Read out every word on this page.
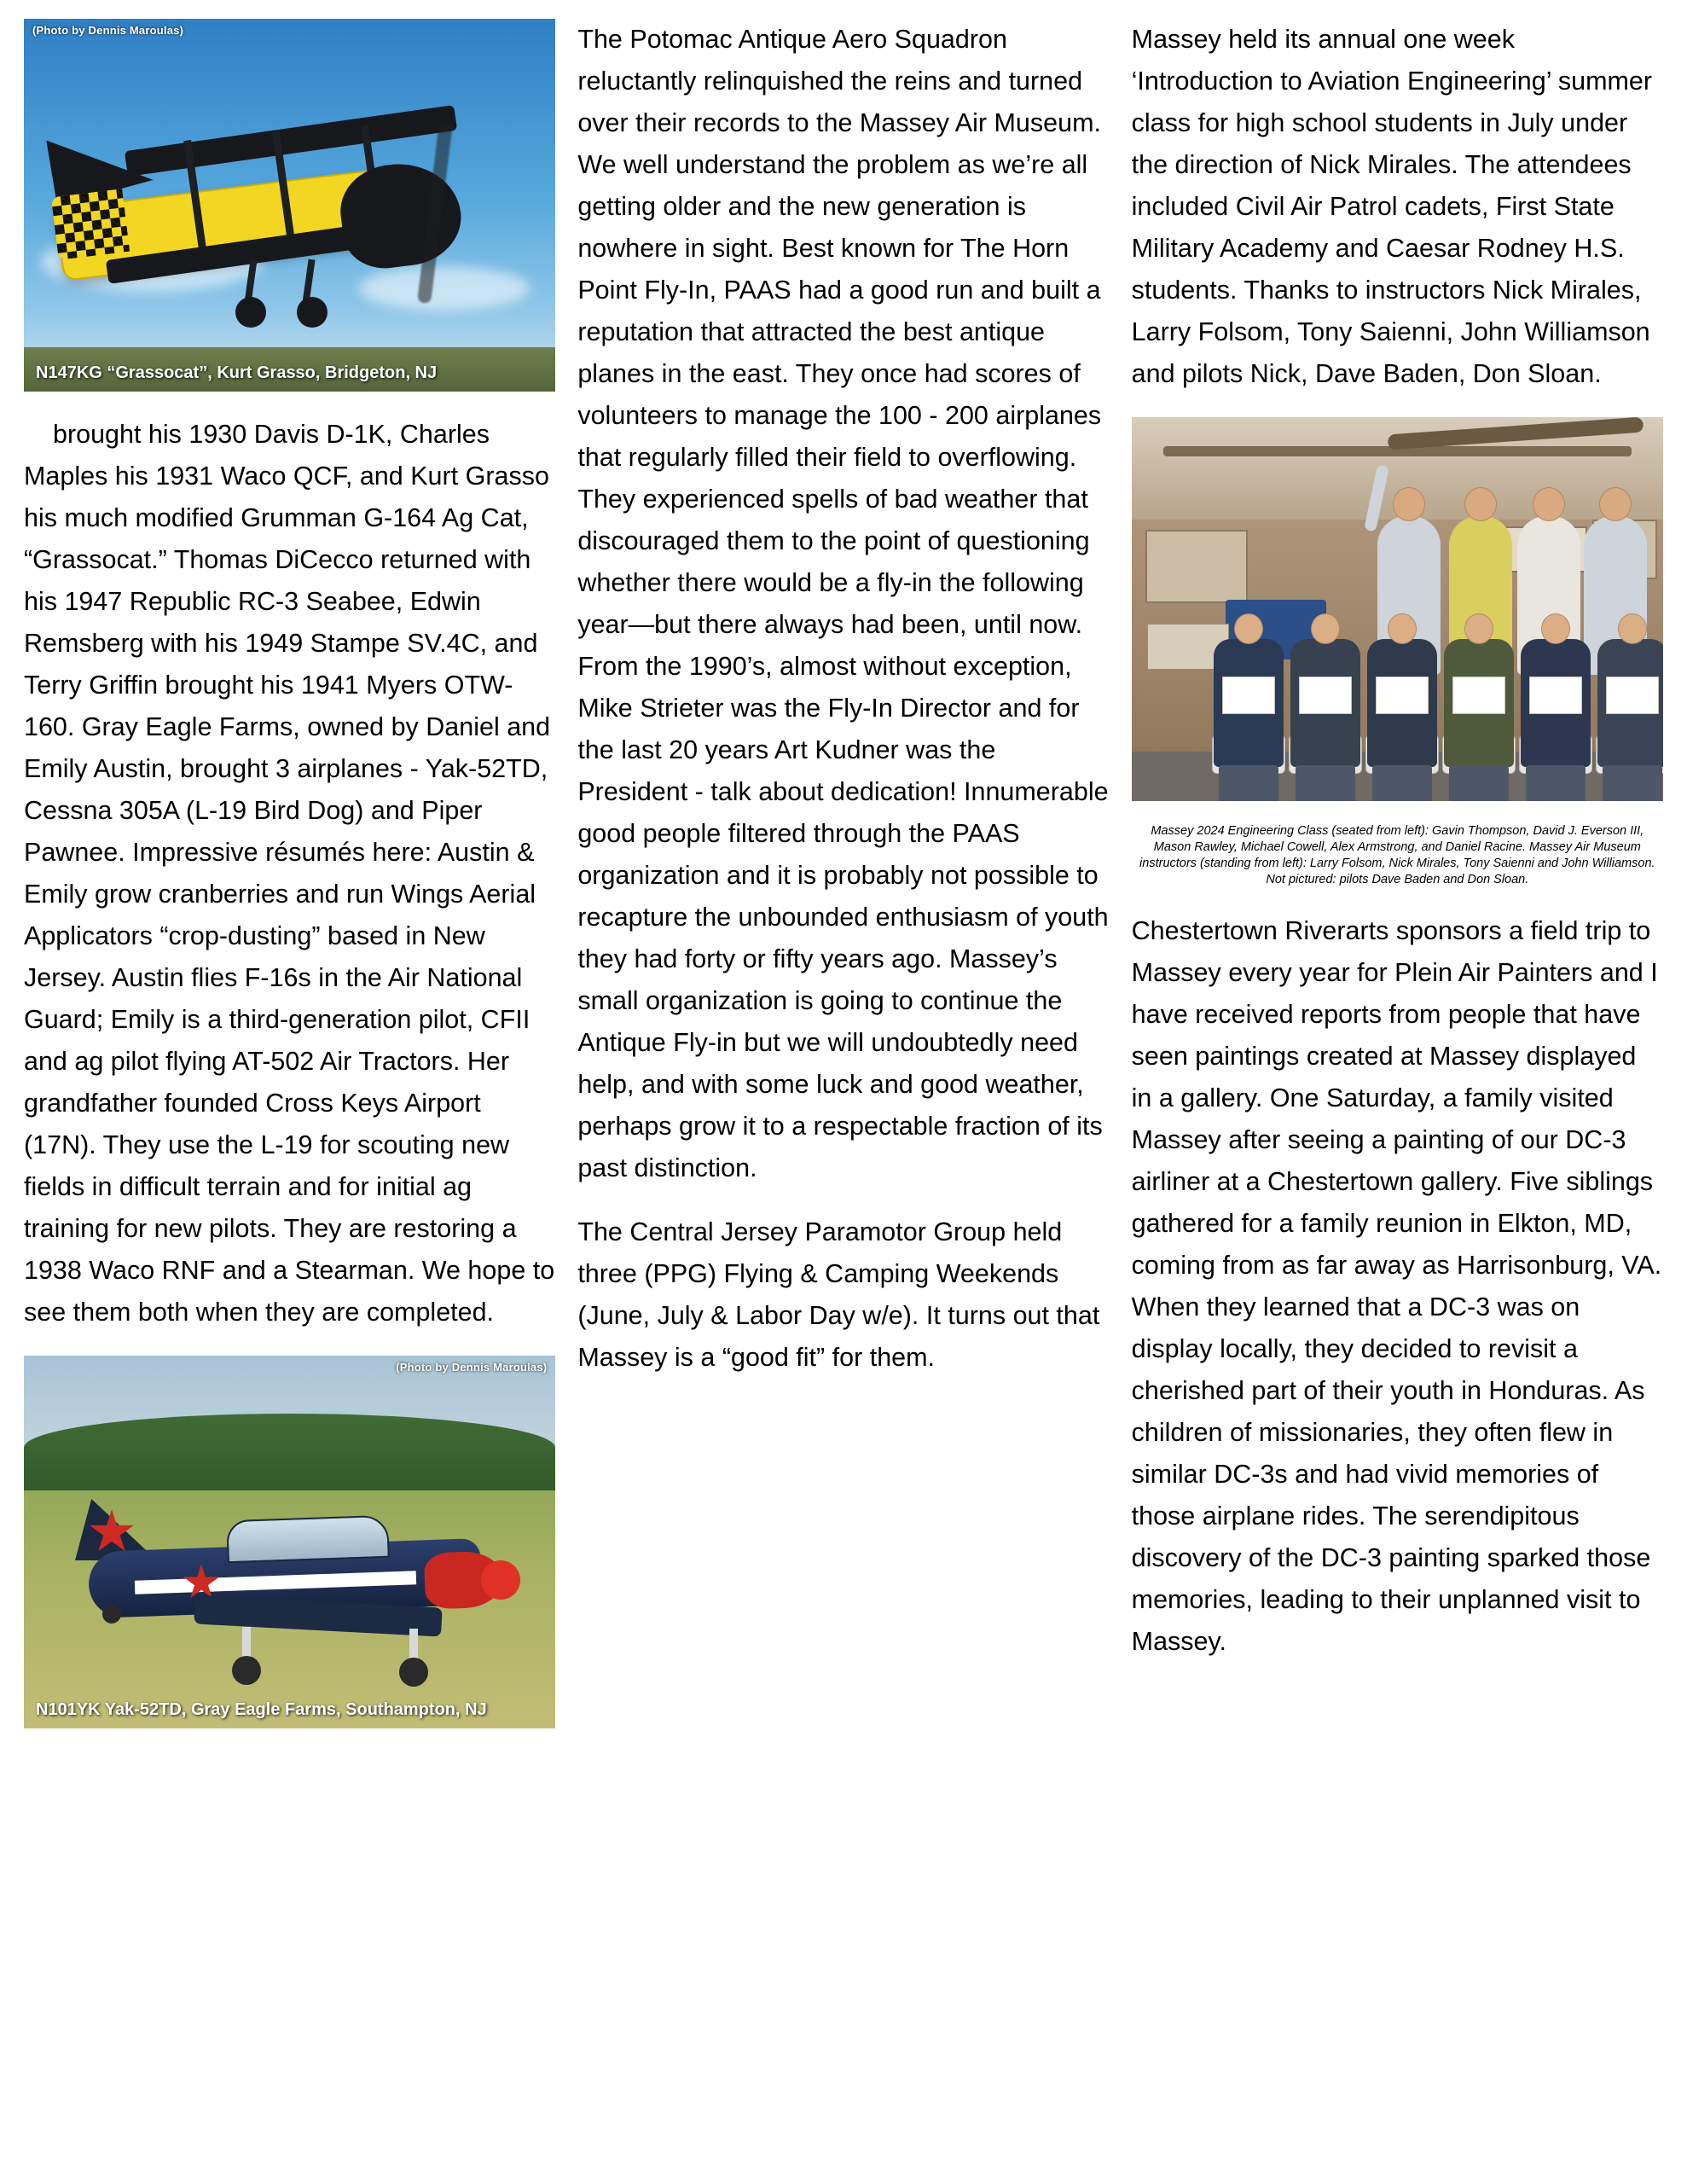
(Photo by Dennis Maroulas)
N147KG “Grassocat”, Kurt Grasso, Bridgeton, NJ

brought his 1930 Davis D-1K, Charles Maples his 1931 Waco QCF, and Kurt Grasso his much modified Grumman G-164 Ag Cat, “Grassocat.” Thomas DiCecco returned with his 1947 Republic RC-3 Seabee, Edwin Remsberg with his 1949 Stampe SV.4C, and Terry Griffin brought his 1941 Myers OTW-160. Gray Eagle Farms, owned by Daniel and Emily Austin, brought 3 airplanes - Yak-52TD, Cessna 305A (L-19 Bird Dog) and Piper Pawnee. Impressive résumés here: Austin & Emily grow cranberries and run Wings Aerial Applicators “crop-dusting” based in New Jersey. Austin flies F-16s in the Air National Guard; Emily is a third-generation pilot, CFII and ag pilot flying AT-502 Air Tractors. Her grandfather founded Cross Keys Airport (17N). They use the L-19 for scouting new fields in difficult terrain and for initial ag training for new pilots. They are restoring a 1938 Waco RNF and a Stearman. We hope to see them both when they are completed.

(Photo by Dennis Maroulas)
N101YK Yak-52TD, Gray Eagle Farms, Southampton, NJ

The Potomac Antique Aero Squadron reluctantly relinquished the reins and turned over their records to the Massey Air Museum. We well understand the problem as we’re all getting older and the new generation is nowhere in sight. Best known for The Horn Point Fly-In, PAAS had a good run and built a reputation that attracted the best antique planes in the east. They once had scores of volunteers to manage the 100 - 200 airplanes that regularly filled their field to overflowing. They experienced spells of bad weather that discouraged them to the point of questioning whether there would be a fly-in the following year—but there always had been, until now. From the 1990’s, almost without exception, Mike Strieter was the Fly-In Director and for the last 20 years Art Kudner was the President - talk about dedication! Innumerable good people filtered through the PAAS organization and it is probably not possible to recapture the unbounded enthusiasm of youth they had forty or fifty years ago. Massey’s small organization is going to continue the Antique Fly-in but we will undoubtedly need help, and with some luck and good weather, perhaps grow it to a respectable fraction of its past distinction.

The Central Jersey Paramotor Group held three (PPG) Flying & Camping Weekends (June, July & Labor Day w/e). It turns out that Massey is a “good fit” for them.

Massey held its annual one week ‘Introduction to Aviation Engineering’ summer class for high school students in July under the direction of Nick Mirales. The attendees included Civil Air Patrol cadets, First State Military Academy and Caesar Rodney H.S. students. Thanks to instructors Nick Mirales, Larry Folsom, Tony Saienni, John Williamson and pilots Nick, Dave Baden, Don Sloan.

Massey 2024 Engineering Class (seated from left): Gavin Thompson, David J. Everson III, Mason Rawley, Michael Cowell, Alex Armstrong, and Daniel Racine. Massey Air Museum instructors (standing from left): Larry Folsom, Nick Mirales, Tony Saienni and John Williamson. Not pictured: pilots Dave Baden and Don Sloan.

Chestertown Riverarts sponsors a field trip to Massey every year for Plein Air Painters and I have received reports from people that have seen paintings created at Massey displayed in a gallery. One Saturday, a family visited Massey after seeing a painting of our DC-3 airliner at a Chestertown gallery. Five siblings gathered for a family reunion in Elkton, MD, coming from as far away as Harrisonburg, VA. When they learned that a DC-3 was on display locally, they decided to revisit a cherished part of their youth in Honduras. As children of missionaries, they often flew in similar DC-3s and had vivid memories of those airplane rides. The serendipitous discovery of the DC-3 painting sparked those memories, leading to their unplanned visit to Massey.
